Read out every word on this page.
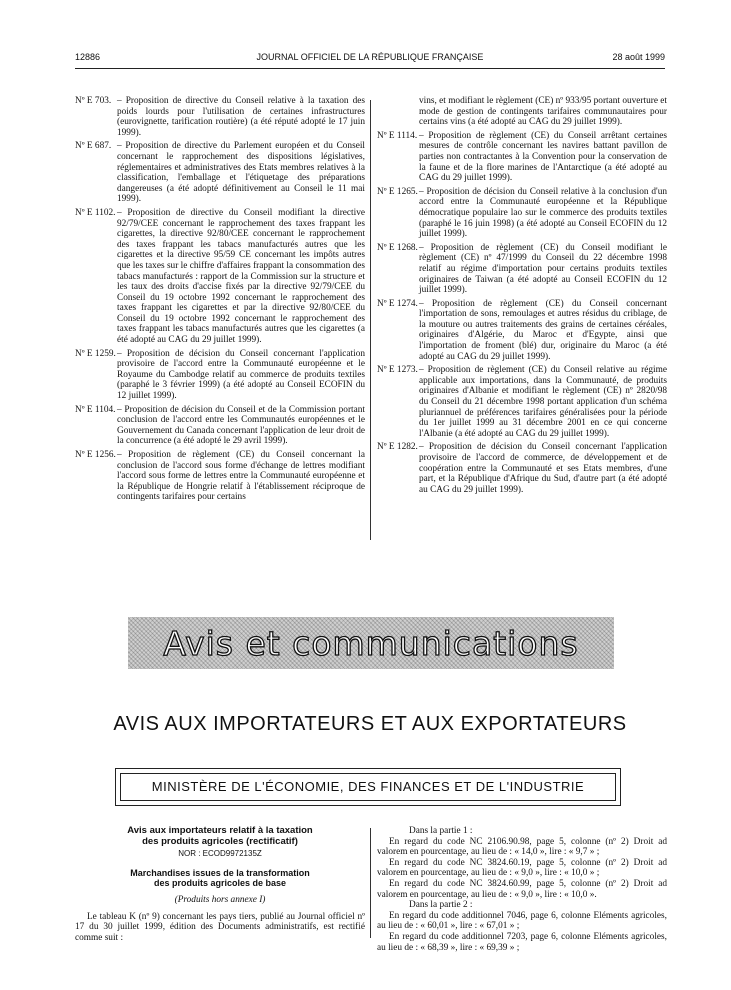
12886	JOURNAL OFFICIEL DE LA RÉPUBLIQUE FRANÇAISE	28 août 1999
Nº E 703. – Proposition de directive du Conseil relative à la taxation des poids lourds pour l'utilisation de certaines infrastructures (eurovignette, tarification routière) (a été réputé adopté le 17 juin 1999).
Nº E 687. – Proposition de directive du Parlement européen et du Conseil concernant le rapprochement des dispositions législatives, réglementaires et administratives des Etats membres relatives à la classification, l'emballage et l'étiquetage des préparations dangereuses (a été adopté définitivement au Conseil le 11 mai 1999).
Nº E 1102. – Proposition de directive du Conseil modifiant la directive 92/79/CEE concernant le rapprochement des taxes frappant les cigarettes, la directive 92/80/CEE concernant le rapprochement des taxes frappant les tabacs manufacturés autres que les cigarettes et la directive 95/59 CE concernant les impôts autres que les taxes sur le chiffre d'affaires frappant la consommation des tabacs manufacturés : rapport de la Commission sur la structure et les taux des droits d'accise fixés par la directive 92/79/CEE du Conseil du 19 octobre 1992 concernant le rapprochement des taxes frappant les cigarettes et par la directive 92/80/CEE du Conseil du 19 octobre 1992 concernant le rapprochement des taxes frappant les tabacs manufacturés autres que les cigarettes (a été adopté au CAG du 29 juillet 1999).
Nº E 1259. – Proposition de décision du Conseil concernant l'application provisoire de l'accord entre la Communauté européenne et le Royaume du Cambodge relatif au commerce de produits textiles (paraphé le 3 février 1999) (a été adopté au Conseil ECOFIN du 12 juillet 1999).
Nº E 1104. – Proposition de décision du Conseil et de la Commission portant conclusion de l'accord entre les Communautés européennes et le Gouvernement du Canada concernant l'application de leur droit de la concurrence (a été adopté le 29 avril 1999).
Nº E 1256. – Proposition de règlement (CE) du Conseil concernant la conclusion de l'accord sous forme d'échange de lettres modifiant l'accord sous forme de lettres entre la Communauté européenne et la République de Hongrie relatif à l'établissement réciproque de contingents tarifaires pour certains
vins, et modifiant le règlement (CE) nº 933/95 portant ouverture et mode de gestion de contingents tarifaires communautaires pour certains vins (a été adopté au CAG du 29 juillet 1999).
Nº E 1114. – Proposition de règlement (CE) du Conseil arrêtant certaines mesures de contrôle concernant les navires battant pavillon de parties non contractantes à la Convention pour la conservation de la faune et de la flore marines de l'Antarctique (a été adopté au CAG du 29 juillet 1999).
Nº E 1265. – Proposition de décision du Conseil relative à la conclusion d'un accord entre la Communauté européenne et la République démocratique populaire lao sur le commerce des produits textiles (paraphé le 16 juin 1998) (a été adopté au Conseil ECOFIN du 12 juillet 1999).
Nº E 1268. – Proposition de règlement (CE) du Conseil modifiant le règlement (CE) nº 47/1999 du Conseil du 22 décembre 1998 relatif au régime d'importation pour certains produits textiles originaires de Taiwan (a été adopté au Conseil ECOFIN du 12 juillet 1999).
Nº E 1274. – Proposition de règlement (CE) du Conseil concernant l'importation de sons, remoulages et autres résidus du criblage, de la mouture ou autres traitements des grains de certaines céréales, originaires d'Algérie, du Maroc et d'Egypte, ainsi que l'importation de froment (blé) dur, originaire du Maroc (a été adopté au CAG du 29 juillet 1999).
Nº E 1273. – Proposition de règlement (CE) du Conseil relative au régime applicable aux importations, dans la Communauté, de produits originaires d'Albanie et modifiant le règlement (CE) nº 2820/98 du Conseil du 21 décembre 1998 portant application d'un schéma pluriannuel de préférences tarifaires généralisées pour la période du 1er juillet 1999 au 31 décembre 2001 en ce qui concerne l'Albanie (a été adopté au CAG du 29 juillet 1999).
Nº E 1282. – Proposition de décision du Conseil concernant l'application provisoire de l'accord de commerce, de développement et de coopération entre la Communauté et ses Etats membres, d'une part, et la République d'Afrique du Sud, d'autre part (a été adopté au CAG du 29 juillet 1999).
Avis et communications
AVIS AUX IMPORTATEURS ET AUX EXPORTATEURS
MINISTÈRE DE L'ÉCONOMIE, DES FINANCES ET DE L'INDUSTRIE
Avis aux importateurs relatif à la taxation
des produits agricoles (rectificatif)
NOR : ECOD9972135Z
Marchandises issues de la transformation
des produits agricoles de base
(Produits hors annexe I)
Le tableau K (nº 9) concernant les pays tiers, publié au Journal officiel nº 17 du 30 juillet 1999, édition des Documents administratifs, est rectifié comme suit :
Dans la partie 1 :
En regard du code NC 2106.90.98, page 5, colonne (nº 2) Droit ad valorem en pourcentage, au lieu de : « 14,0 », lire : « 9,7 » ;
En regard du code NC 3824.60.19, page 5, colonne (nº 2) Droit ad valorem en pourcentage, au lieu de : « 9,0 », lire : « 10,0 » ;
En regard du code NC 3824.60.99, page 5, colonne (nº 2) Droit ad valorem en pourcentage, au lieu de : « 9,0 », lire : « 10,0 ».
Dans la partie 2 :
En regard du code additionnel 7046, page 6, colonne Eléments agricoles, au lieu de : « 60,01 », lire : « 67,01 » ;
En regard du code additionnel 7203, page 6, colonne Eléments agricoles, au lieu de : « 68,39 », lire : « 69,39 » ;
